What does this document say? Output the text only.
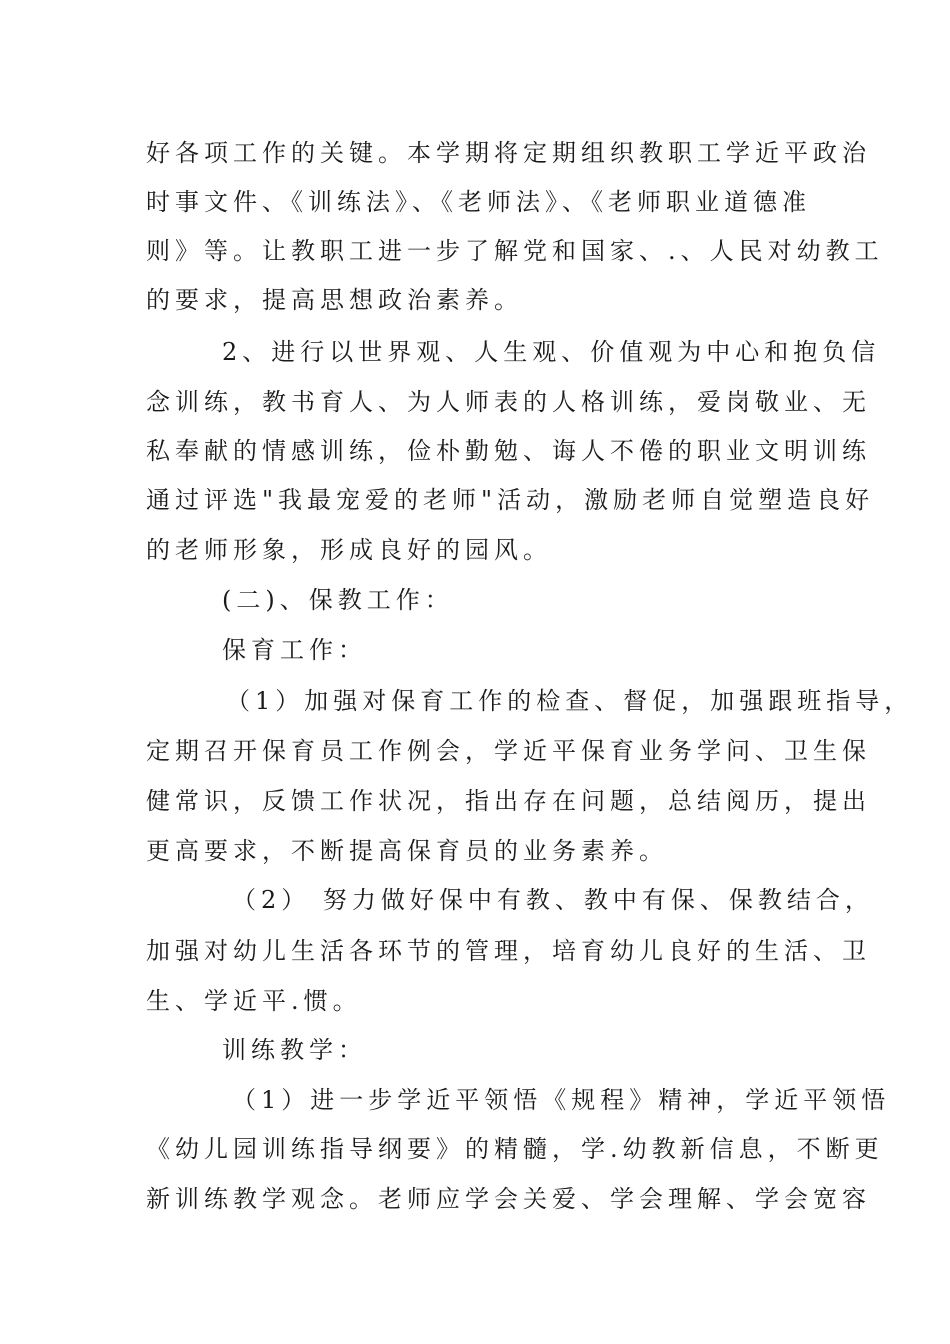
好各项工作的关键。本学期将定期组织教职工学近平政治
时事文件、《训练法》、《老师法》、《老师职业道德准
则》等。让教职工进一步了解党和国家、.、人民对幼教工
的要求，提高思想政治素养。
2、进行以世界观、人生观、价值观为中心和抱负信
念训练，教书育人、为人师表的人格训练，爱岗敬业、无
私奉献的情感训练，俭朴勤勉、诲人不倦的职业文明训练
通过评选"我最宠爱的老师"活动，激励老师自觉塑造良好
的老师形象，形成良好的园风。
(二)、保教工作：
保育工作：
（1）加强对保育工作的检查、督促，加强跟班指导，
定期召开保育员工作例会，学近平保育业务学问、卫生保
健常识，反馈工作状况，指出存在问题，总结阅历，提出
更高要求，不断提高保育员的业务素养。
（2） 努力做好保中有教、教中有保、保教结合，
加强对幼儿生活各环节的管理，培育幼儿良好的生活、卫
生、学近平.惯。
训练教学：
（1）进一步学近平领悟《规程》精神，学近平领悟
《幼儿园训练指导纲要》的精髓，学.幼教新信息，不断更
新训练教学观念。老师应学会关爱、学会理解、学会宽容
